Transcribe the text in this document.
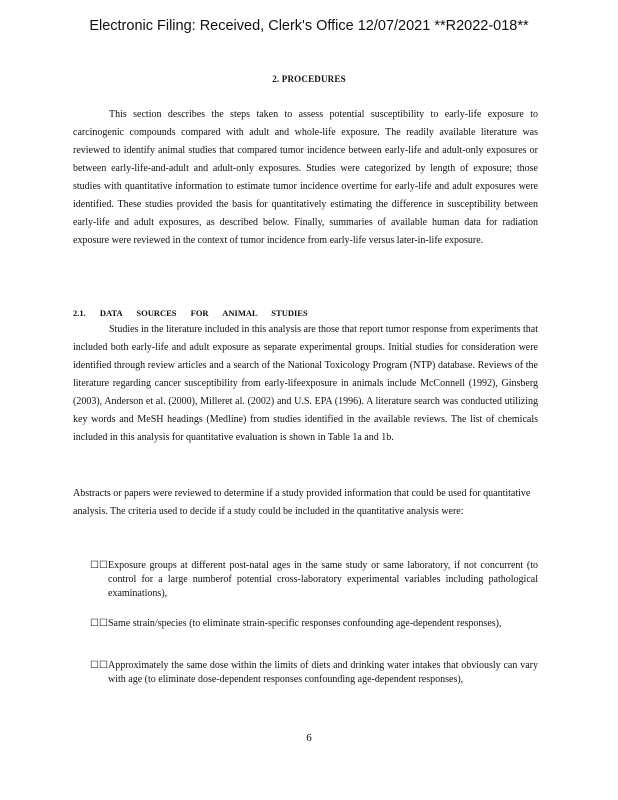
Electronic Filing: Received, Clerk's Office 12/07/2021 **R2022-018**
2. PROCEDURES

This section describes the steps taken to assess potential susceptibility to early-life exposure to carcinogenic compounds compared with adult and whole-life exposure. The readily available literature was reviewed to identify animal studies that compared tumor incidence between early-life and adult-only exposures or between early-life-and-adult and adult-only exposures. Studies were categorized by length of exposure; those studies with quantitative information to estimate tumor incidence overtime for early-life and adult exposures were identified. These studies provided the basis for quantitatively estimating the difference in susceptibility between early-life and adult exposures, as described below. Finally, summaries of available human data for radiation exposure were reviewed in the context of tumor incidence from early-life versus later-in-life exposure.

2.1. DATA SOURCES FOR ANIMAL STUDIES

Studies in the literature included in this analysis are those that report tumor response from experiments that included both early-life and adult exposure as separate experimental groups. Initial studies for consideration were identified through review articles and a search of the National Toxicology Program (NTP) database. Reviews of the literature regarding cancer susceptibility from early-lifeexposure in animals include McConnell (1992), Ginsberg (2003), Anderson et al. (2000), Milleret al. (2002) and U.S. EPA (1996). A literature search was conducted utilizing key words and MeSH headings (Medline) from studies identified in the available reviews. The list of chemicals included in this analysis for quantitative evaluation is shown in Table 1a and 1b.

Abstracts or papers were reviewed to determine if a study provided information that could be used for quantitative analysis. The criteria used to decide if a study could be included in the quantitative analysis were:

☐☐ Exposure groups at different post-natal ages in the same study or same laboratory, if not concurrent (to control for a large numberof potential cross-laboratory experimental variables including pathological examinations),
☐☐ Same strain/species (to eliminate strain-specific responses confounding age-dependent responses),
☐☐ Approximately the same dose within the limits of diets and drinking water intakes that obviously can vary with age (to eliminate dose-dependent responses confounding age-dependent responses),
6
